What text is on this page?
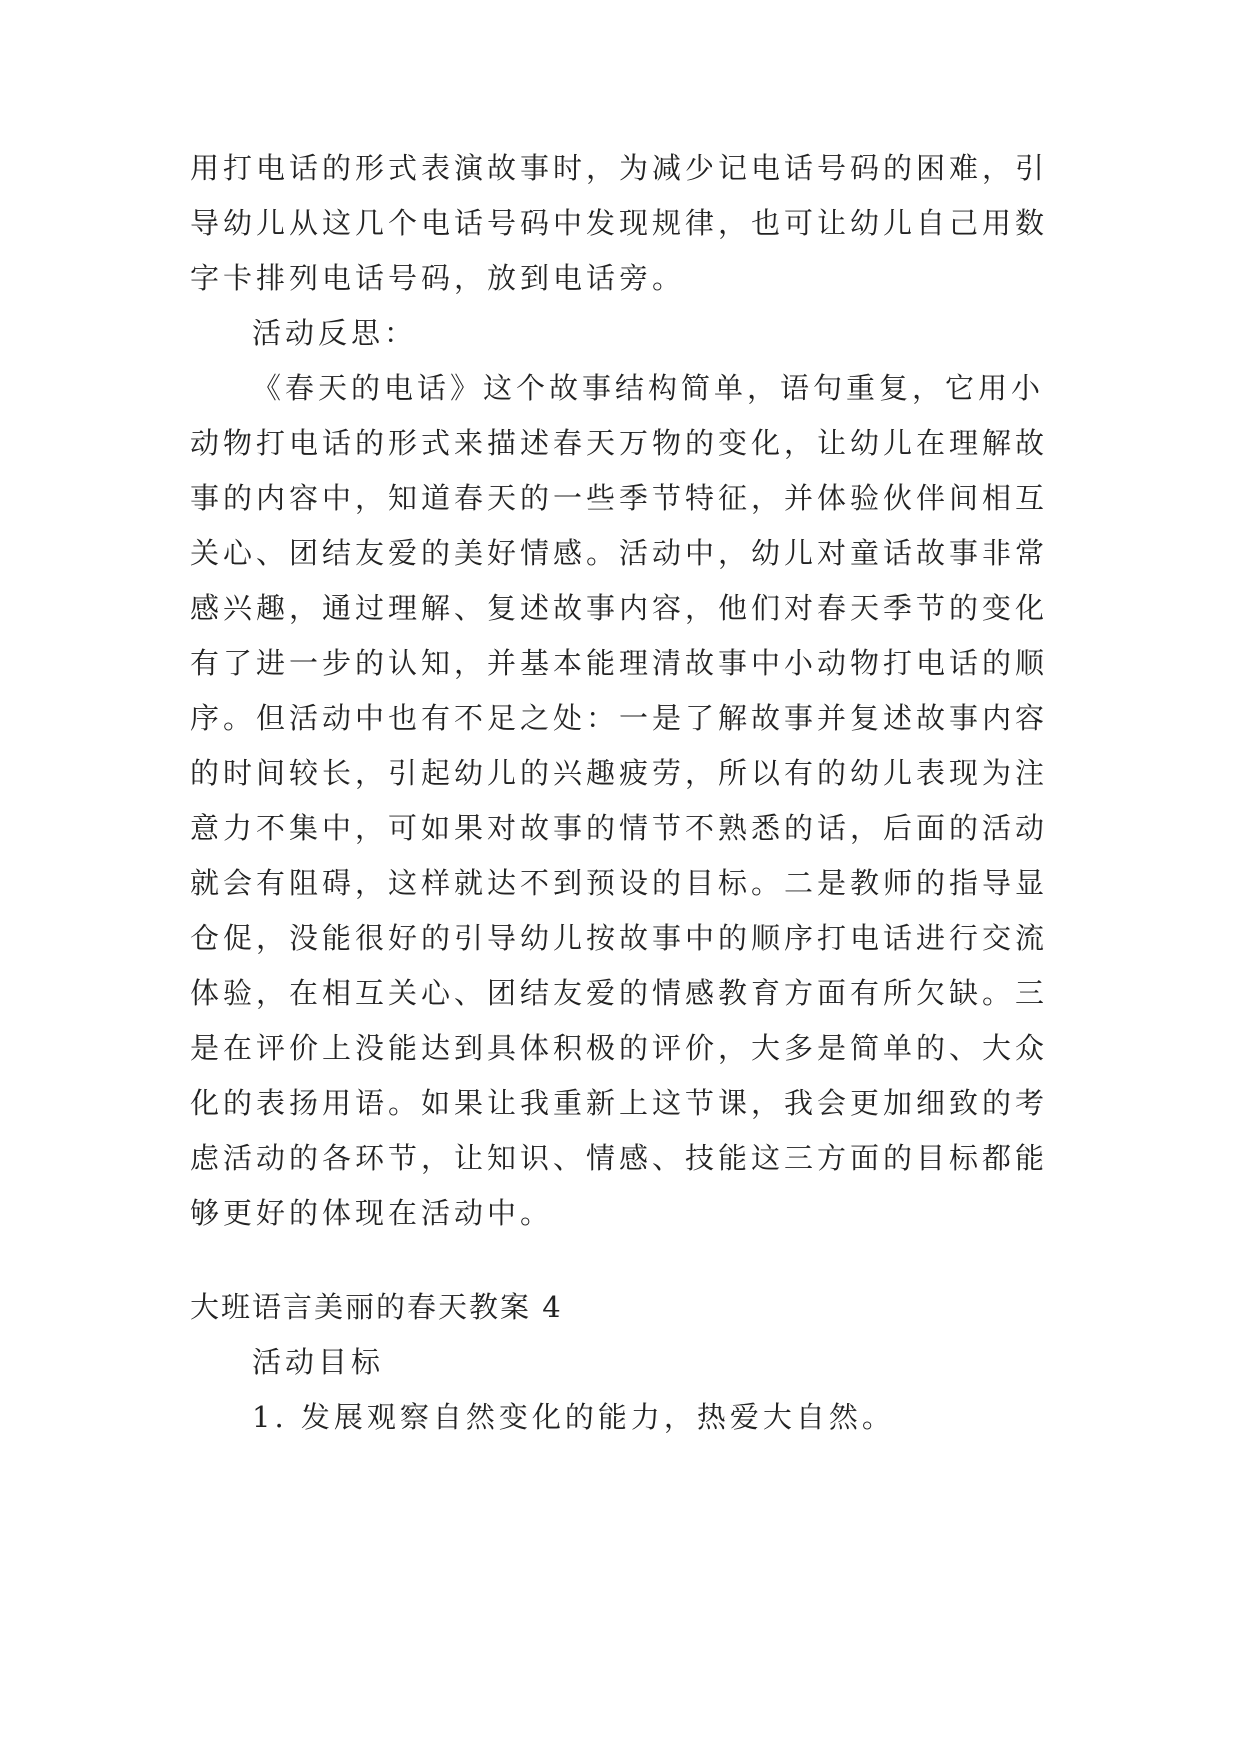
用打电话的形式表演故事时，为减少记电话号码的困难，引
导幼儿从这几个电话号码中发现规律，也可让幼儿自己用数
字卡排列电话号码，放到电话旁。
活动反思：
《春天的电话》这个故事结构简单，语句重复，它用小
动物打电话的形式来描述春天万物的变化，让幼儿在理解故
事的内容中，知道春天的一些季节特征，并体验伙伴间相互
关心、团结友爱的美好情感。活动中，幼儿对童话故事非常
感兴趣，通过理解、复述故事内容，他们对春天季节的变化
有了进一步的认知，并基本能理清故事中小动物打电话的顺
序。但活动中也有不足之处：一是了解故事并复述故事内容
的时间较长，引起幼儿的兴趣疲劳，所以有的幼儿表现为注
意力不集中，可如果对故事的情节不熟悉的话，后面的活动
就会有阻碍，这样就达不到预设的目标。二是教师的指导显
仓促，没能很好的引导幼儿按故事中的顺序打电话进行交流
体验，在相互关心、团结友爱的情感教育方面有所欠缺。三
是在评价上没能达到具体积极的评价，大多是简单的、大众
化的表扬用语。如果让我重新上这节课，我会更加细致的考
虑活动的各环节，让知识、情感、技能这三方面的目标都能
够更好的体现在活动中。
大班语言美丽的春天教案 4
活动目标
1. 发展观察自然变化的能力，热爱大自然。
